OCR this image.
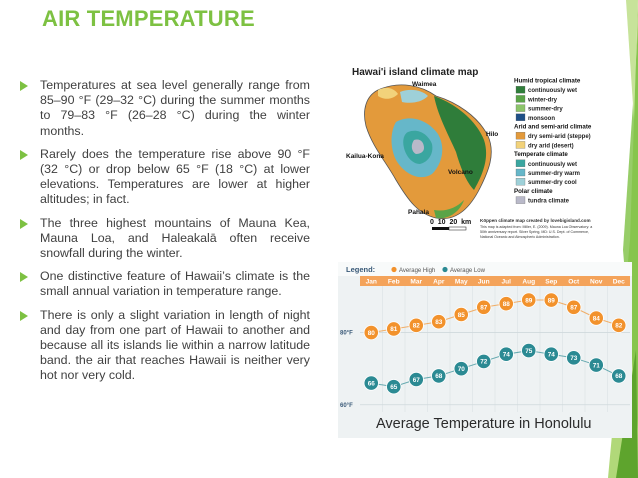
AIR TEMPERATURE
Temperatures at sea level generally range from 85–90 °F (29–32 °C) during the summer months to 79–83 °F (26–28 °C) during the winter months.
Rarely does the temperature rise above 90 °F (32 °C) or drop below 65 °F (18 °C) at lower elevations. Temperatures are lower at higher altitudes; in fact.
The three highest mountains of Mauna Kea, Mauna Loa, and Haleakalā often receive snowfall during the winter.
One distinctive feature of Hawaii’s climate is the small annual variation in temperature range.
There is only a slight variation in length of night and day from one part of Hawaii to another and because all its islands lie within a narrow latitude band. the air that reaches Hawaii is neither very hot nor very cold.
Hawai'i island climate map
Waimea
Hilo
Kailua-Kona
Volcano
Pahala
0  10  20  km Köppen climate map created by lovebigisland.com
This map is adapted from: Miller, E. (2009). Mauna Loa Observatory: a
50th anniversary report. Silver Spring, MD: U.S. Dept. of Commerce,
National Oceanic and Atmospheric Administration.
Humid tropical climate
continuously wet
winter-dry
summer-dry
monsoon
Arid and semi-arid climate
dry semi-arid (steppe)
dry arid (desert)
Temperate climate
continuously wet
summer-dry warm
summer-dry cool
Polar climate
tundra climate
Legend:	Average High Average Low
Jan Feb Mar Apr May Jun Jul Aug Sep Oct Nov Dec
80°F
60°F
80
81
82
83
85
87
88
89 89
87
84
82
66
65
67
68
70
72
74
75
74
73
71
68
Average Temperature in Honolulu
